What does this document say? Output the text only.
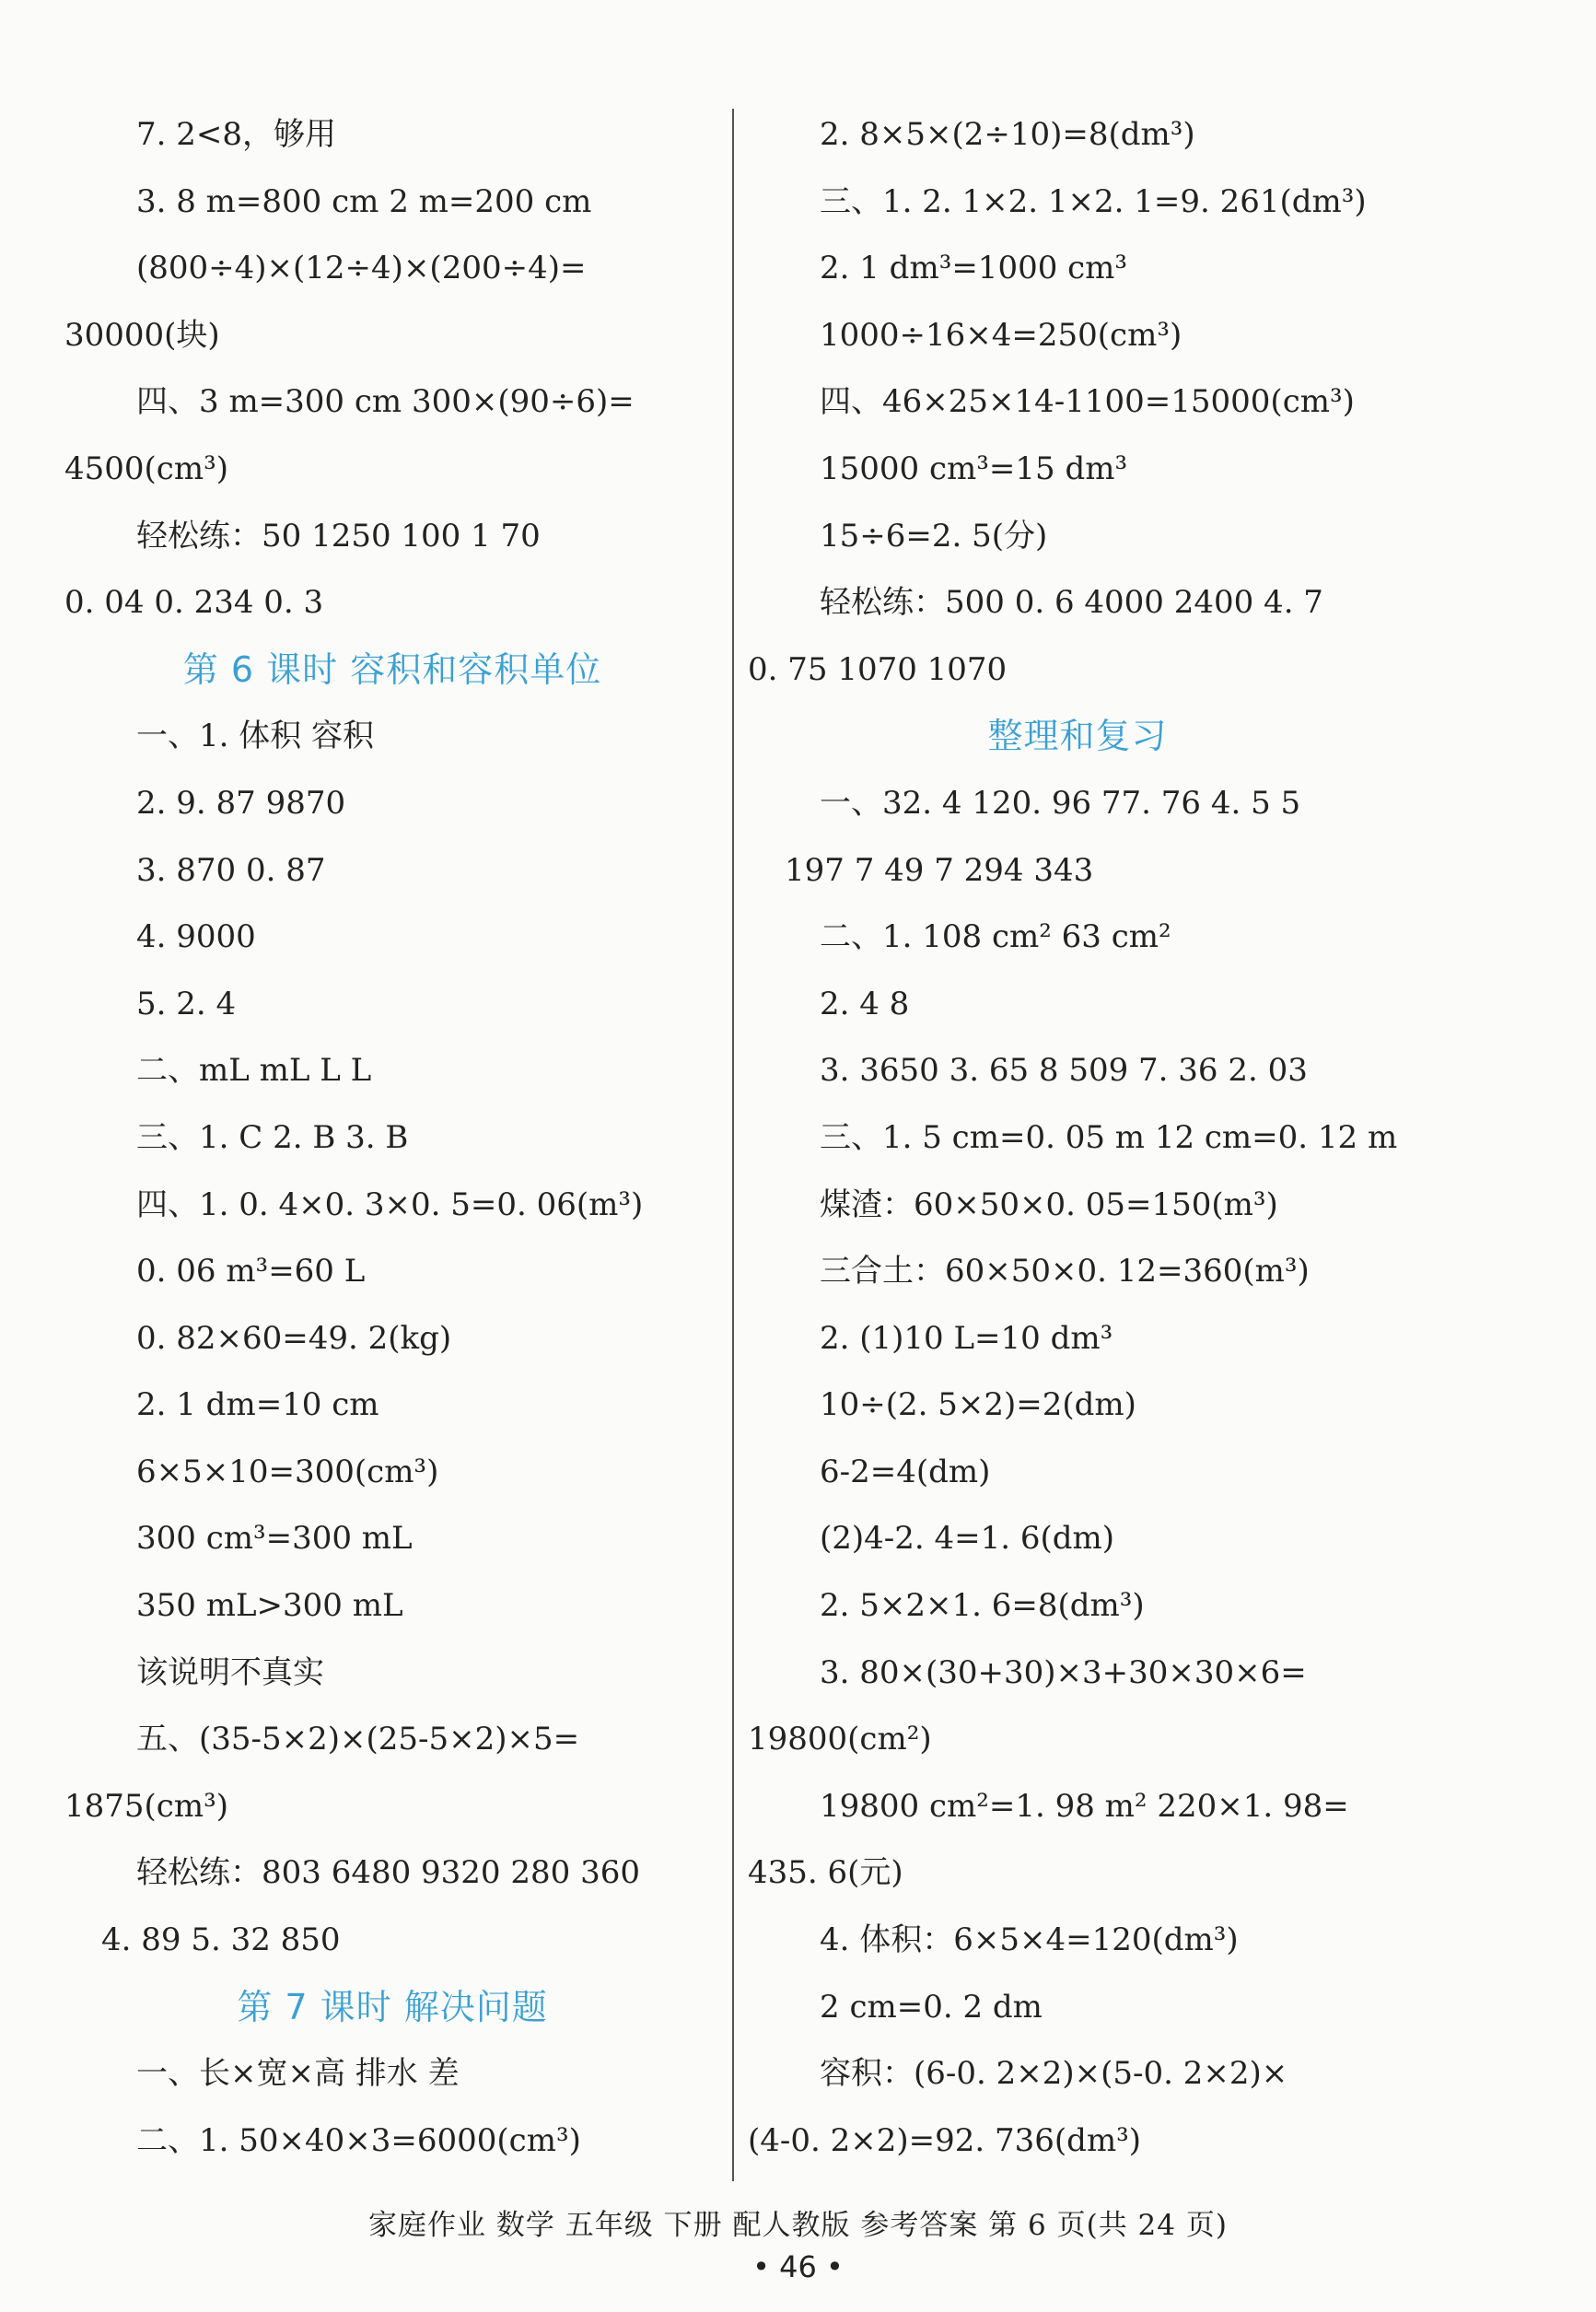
7. 2<8，够用
3. 8 m=800 cm 2 m=200 cm
(800÷4)×(12÷4)×(200÷4)=
30000(块)
四、3 m=300 cm 300×(90÷6)=
4500(cm³)
轻松练：50 1250 100 1 70
0. 04 0. 234 0. 3
第 6 课时 容积和容积单位
一、1. 体积 容积
2. 9. 87 9870
3. 870 0. 87
4. 9000
5. 2. 4
二、mL mL L L
三、1. C 2. B 3. B
四、1. 0. 4×0. 3×0. 5=0. 06(m³)
0. 06 m³=60 L
0. 82×60=49. 2(kg)
2. 1 dm=10 cm
6×5×10=300(cm³)
300 cm³=300 mL
350 mL>300 mL
该说明不真实
五、(35-5×2)×(25-5×2)×5=
1875(cm³)
轻松练：803 6480 9320 280 360
4. 89 5. 32 850
第 7 课时 解决问题
一、长×宽×高 排水 差
二、1. 50×40×3=6000(cm³)
2. 8×5×(2÷10)=8(dm³)
三、1. 2. 1×2. 1×2. 1=9. 261(dm³)
2. 1 dm³=1000 cm³
1000÷16×4=250(cm³)
四、46×25×14-1100=15000(cm³)
15000 cm³=15 dm³
15÷6=2. 5(分)
轻松练：500 0. 6 4000 2400 4. 7
0. 75 1070 1070
整理和复习
一、32. 4 120. 96 77. 76 4. 5 5
197 7 49 7 294 343
二、1. 108 cm² 63 cm²
2. 4 8
3. 3650 3. 65 8 509 7. 36 2. 03
三、1. 5 cm=0. 05 m 12 cm=0. 12 m
煤渣：60×50×0. 05=150(m³)
三合土：60×50×0. 12=360(m³)
2. (1)10 L=10 dm³
10÷(2. 5×2)=2(dm)
6-2=4(dm)
(2)4-2. 4=1. 6(dm)
2. 5×2×1. 6=8(dm³)
3. 80×(30+30)×3+30×30×6=
19800(cm²)
19800 cm²=1. 98 m² 220×1. 98=
435. 6(元)
4. 体积：6×5×4=120(dm³)
2 cm=0. 2 dm
容积：(6-0. 2×2)×(5-0. 2×2)×
(4-0. 2×2)=92. 736(dm³)
家庭作业 数学 五年级 下册 配人教版 参考答案 第 6 页(共 24 页)
• 46 •
